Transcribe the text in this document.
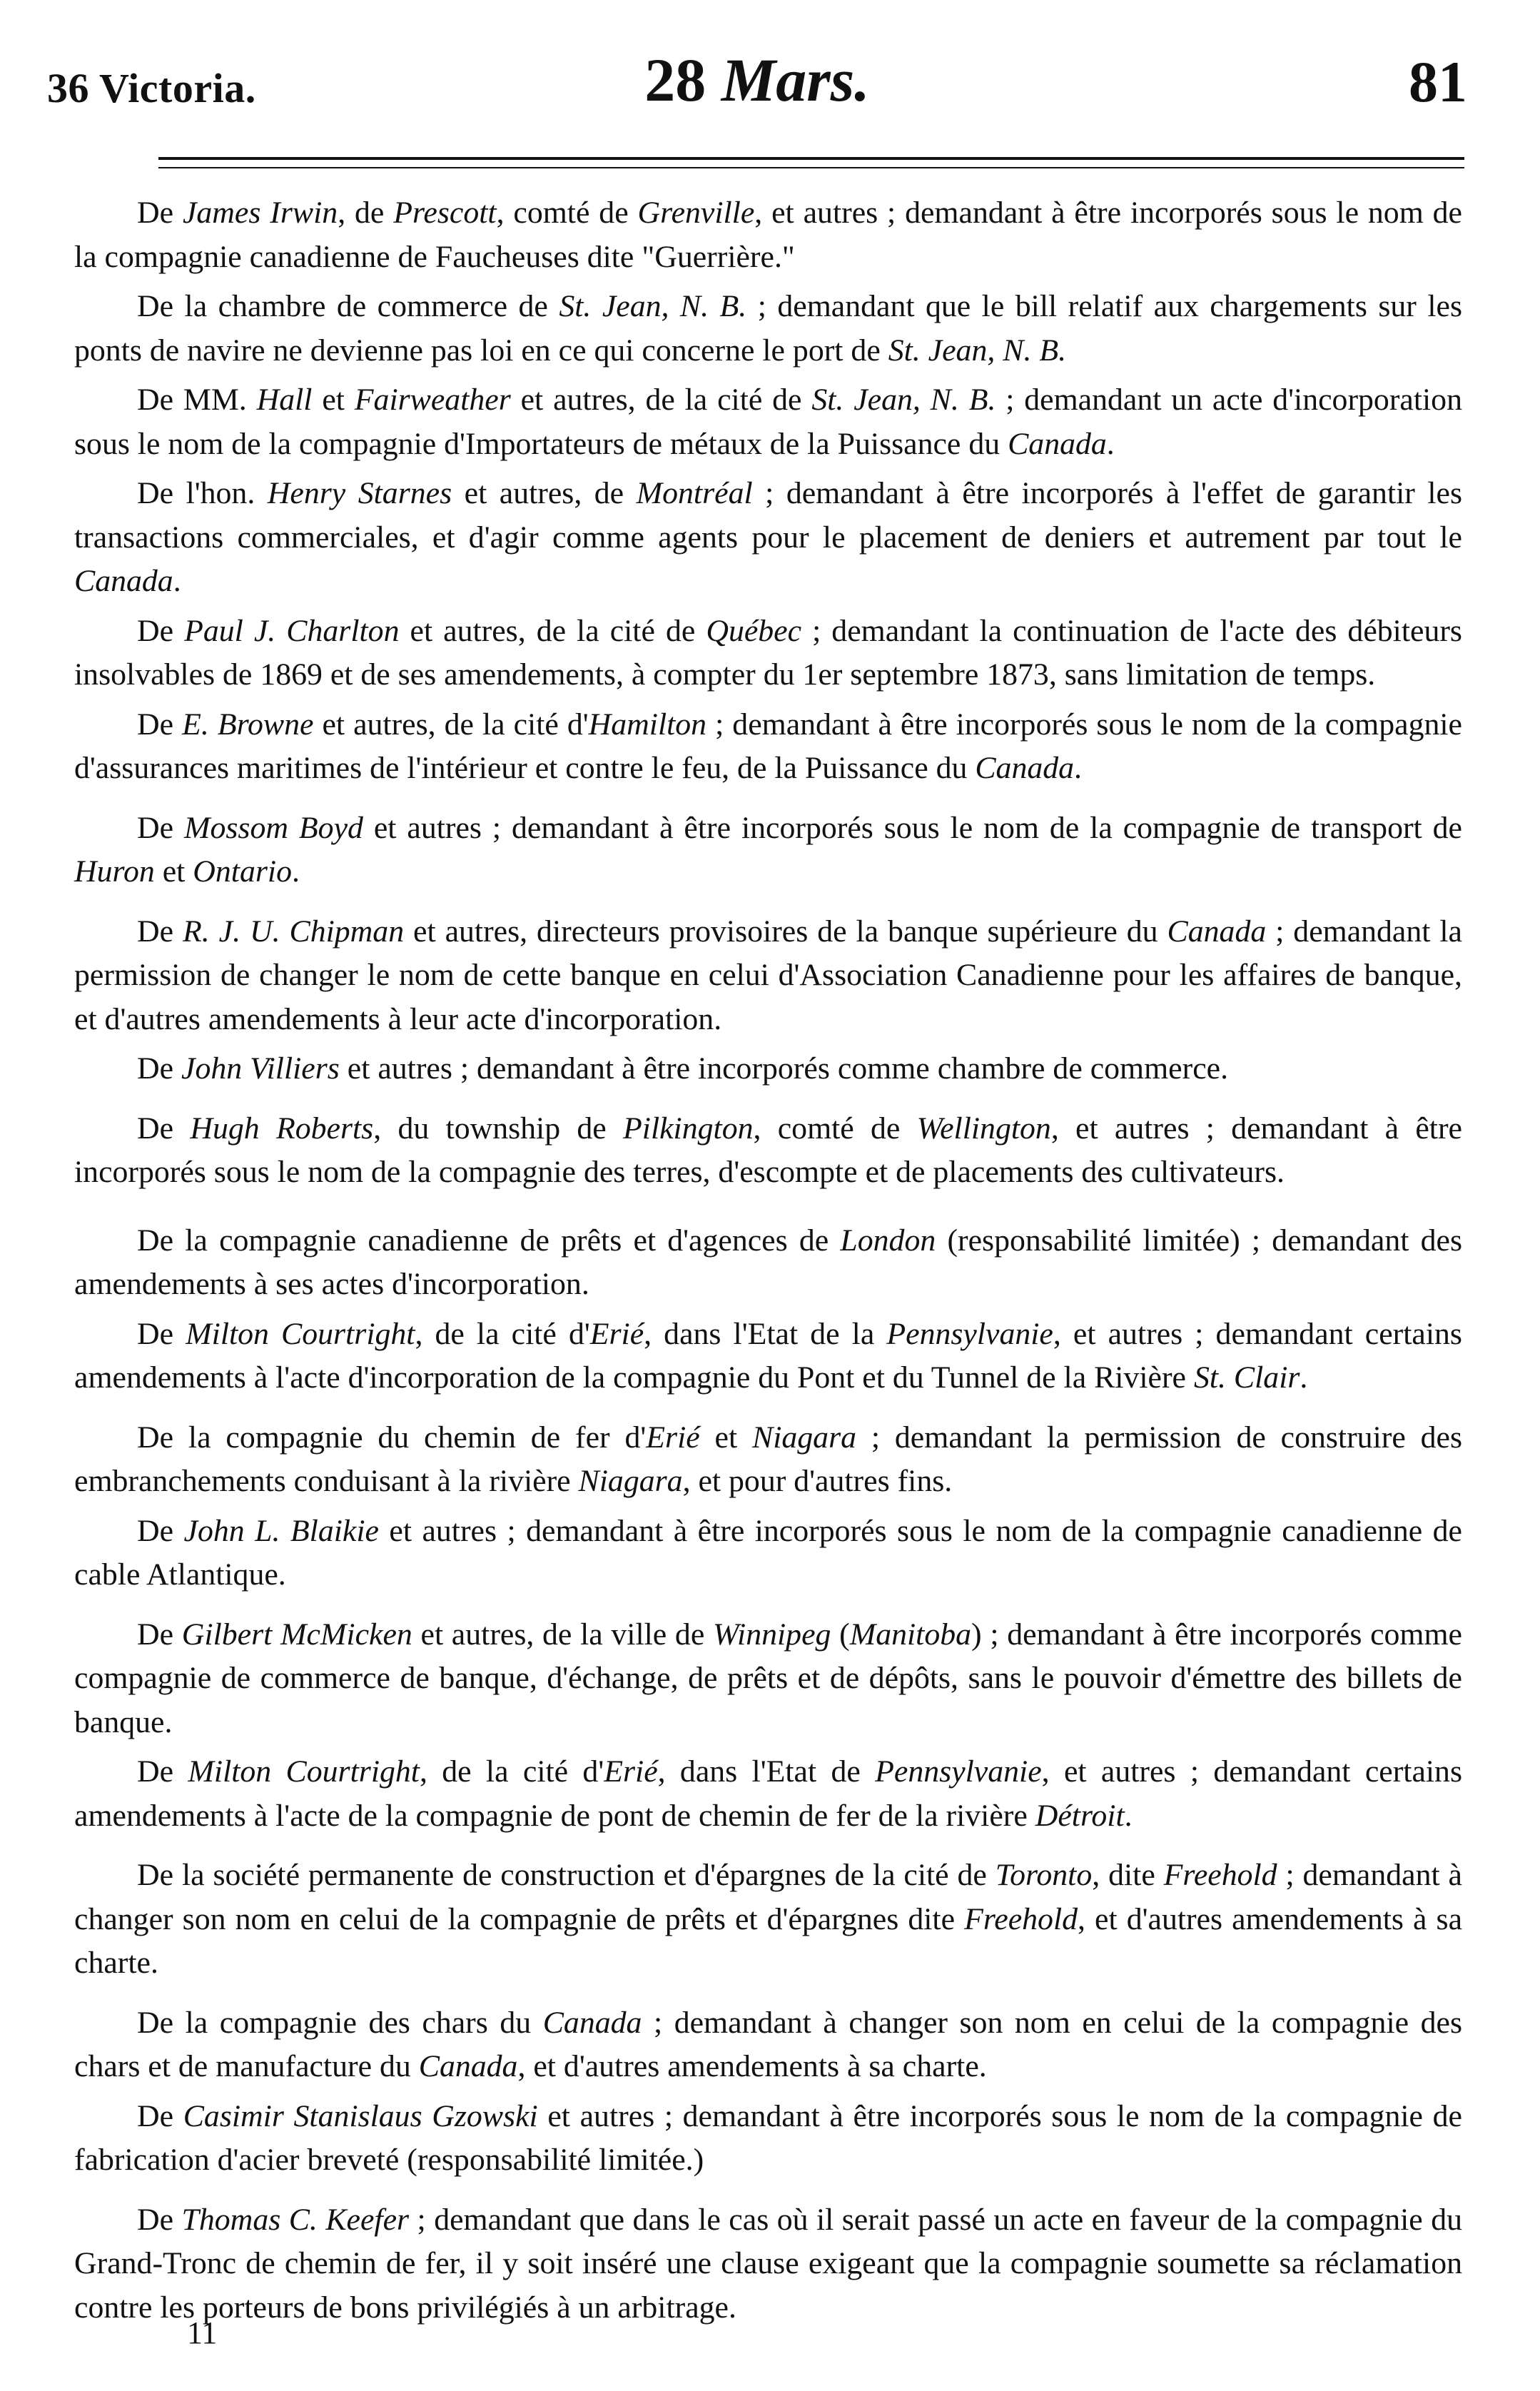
36 Victoria.	28 Mars.	81

De James Irwin, de Prescott, comté de Grenville, et autres ; demandant à être incorporés sous le nom de la compagnie canadienne de Faucheuses dite "Guerrière."

De la chambre de commerce de St. Jean, N. B. ; demandant que le bill relatif aux chargements sur les ponts de navire ne devienne pas loi en ce qui concerne le port de St. Jean, N. B.

De MM. Hall et Fairweather et autres, de la cité de St. Jean, N. B. ; demandant un acte d'incorporation sous le nom de la compagnie d'Importateurs de métaux de la Puissance du Canada.

De l'hon. Henry Starnes et autres, de Montréal ; demandant à être incorporés à l'effet de garantir les transactions commerciales, et d'agir comme agents pour le placement de deniers et autrement par tout le Canada.

De Paul J. Charlton et autres, de la cité de Québec ; demandant la continuation de l'acte des débiteurs insolvables de 1869 et de ses amendements, à compter du 1er septembre 1873, sans limitation de temps.

De E. Browne et autres, de la cité d'Hamilton ; demandant à être incorporés sous le nom de la compagnie d'assurances maritimes de l'intérieur et contre le feu, de la Puissance du Canada.

De Mossom Boyd et autres ; demandant à être incorporés sous le nom de la compagnie de transport de Huron et Ontario.

De R. J. U. Chipman et autres, directeurs provisoires de la banque supérieure du Canada ; demandant la permission de changer le nom de cette banque en celui d'Association Canadienne pour les affaires de banque, et d'autres amendements à leur acte d'incorporation.

De John Villiers et autres ; demandant à être incorporés comme chambre de commerce.

De Hugh Roberts, du township de Pilkington, comté de Wellington, et autres ; demandant à être incorporés sous le nom de la compagnie des terres, d'escompte et de placements des cultivateurs.

De la compagnie canadienne de prêts et d'agences de London (responsabilité limitée) ; demandant des amendements à ses actes d'incorporation.

De Milton Courtright, de la cité d'Erié, dans l'Etat de la Pennsylvanie, et autres ; demandant certains amendements à l'acte d'incorporation de la compagnie du Pont et du Tunnel de la Rivière St. Clair.

De la compagnie du chemin de fer d'Erié et Niagara ; demandant la permission de construire des embranchements conduisant à la rivière Niagara, et pour d'autres fins.

De John L. Blaikie et autres ; demandant à être incorporés sous le nom de la compagnie canadienne de cable Atlantique.

De Gilbert McMicken et autres, de la ville de Winnipeg (Manitoba) ; demandant à être incorporés comme compagnie de commerce de banque, d'échange, de prêts et de dépôts, sans le pouvoir d'émettre des billets de banque.

De Milton Courtright, de la cité d'Erié, dans l'Etat de Pennsylvanie, et autres ; demandant certains amendements à l'acte de la compagnie de pont de chemin de fer de la rivière Détroit.

De la société permanente de construction et d'épargnes de la cité de Toronto, dite Freehold ; demandant à changer son nom en celui de la compagnie de prêts et d'épargnes dite Freehold, et d'autres amendements à sa charte.

De la compagnie des chars du Canada ; demandant à changer son nom en celui de la compagnie des chars et de manufacture du Canada, et d'autres amendements à sa charte.

De Casimir Stanislaus Gzowski et autres ; demandant à être incorporés sous le nom de la compagnie de fabrication d'acier breveté (responsabilité limitée.)

De Thomas C. Keefer ; demandant que dans le cas où il serait passé un acte en faveur de la compagnie du Grand-Tronc de chemin de fer, il y soit inséré une clause exigeant que la compagnie soumette sa réclamation contre les porteurs de bons privilégiés à un arbitrage.

11
